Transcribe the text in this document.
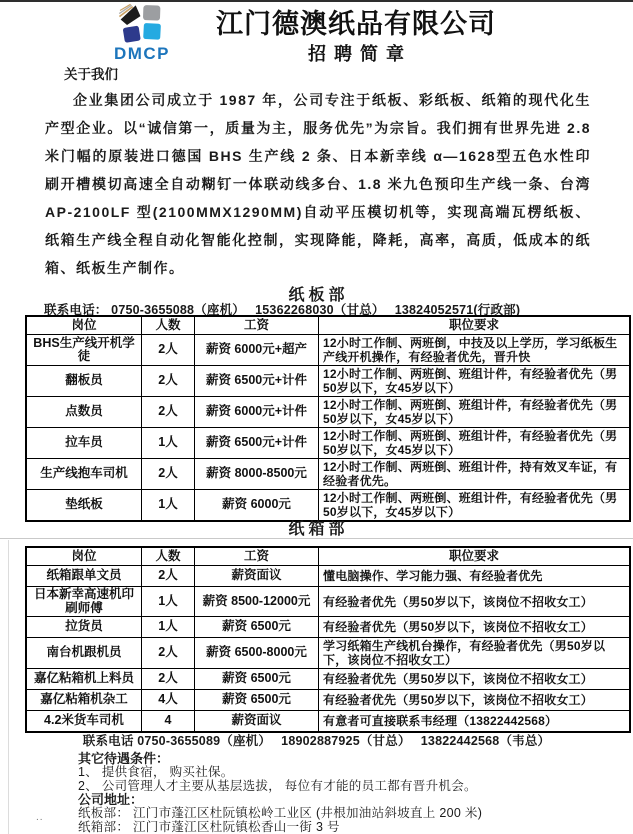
DMCP
江门德澳纸品有限公司
招聘简章
关于我们

企业集团公司成立于 1987 年，公司专注于纸板、彩纸板、纸箱的现代化生产型企业。以“诚信第一，质量为主，服务优先”为宗旨。我们拥有世界先进 2.8 米门幅的原装进口德国 BHS 生产线 2 条、日本新幸线 α—1628型五色水性印刷开槽模切高速全自动糊钉一体联动线多台、1.8 米九色预印生产线一条、台湾 AP-2100LF 型(2100MMX1290MM)自动平压模切机等，实现高端瓦楞纸板、纸箱生产线全程自动化智能化控制，实现降能，降耗，高率，高质，低成本的纸箱、纸板生产制作。

纸板部
联系电话： 0750-3655088（座机）　 15362268030（甘总）　 13824052571(行政部)
岗位	人数	工资	职位要求
BHS生产线开机学徒	2人	薪资 6000元+超产	12小时工作制、两班倒，中技及以上学历，学习纸板生产线开机操作，有经验者优先，晋升快
翻板员	2人	薪资 6500元+计件	12小时工作制、两班倒、班组计件，有经验者优先（男50岁以下，女45岁以下）
点数员	2人	薪资 6000元+计件	12小时工作制、两班倒、班组计件，有经验者优先（男50岁以下，女45岁以下）
拉车员	1人	薪资 6500元+计件	12小时工作制、两班倒、班组计件，有经验者优先（男50岁以下，女45岁以下）
生产线抱车司机	2人	薪资 8000-8500元	12小时工作制、两班倒、班组计件，持有效叉车证，有经验者优先。
垫纸板	1人	薪资 6000元	12小时工作制、两班倒、班组计件，有经验者优先（男50岁以下，女45岁以下）
纸箱部
岗位	人数	工资	职位要求
纸箱跟单文员	2人	薪资面议	懂电脑操作、学习能力强、有经验者优先
日本新幸高速机印刷师傅	1人	薪资 8500-12000元	有经验者优先（男50岁以下，该岗位不招收女工）
拉货员	1人	薪资 6500元	有经验者优先（男50岁以下，该岗位不招收女工）
南台机跟机员	2人	薪资 6500-8000元	学习纸箱生产线机台操作，有经验者优先（男50岁以下，该岗位不招收女工）
嘉亿粘箱机上料员	2人	薪资 6500元	有经验者优先（男50岁以下，该岗位不招收女工）
嘉亿粘箱机杂工	4人	薪资 6500元	有经验者优先（男50岁以下，该岗位不招收女工）
4.2米货车司机	4	薪资面议	有意者可直接联系韦经理（13822442568）
联系电话 0750-3655089（座机）　 18902887925（甘总）　 13822442568（韦总）
其它待遇条件：
1、 提供食宿， 购买社保。
2、 公司管理人才主要从基层选拔， 每位有才能的员工都有晋升机会。
公司地址：
纸板部： 江门市蓬江区杜阮镇松岭工业区 (井根加油站斜坡直上 200 米)
纸箱部： 江门市蓬江区杜阮镇松香山一街 3 号
..
